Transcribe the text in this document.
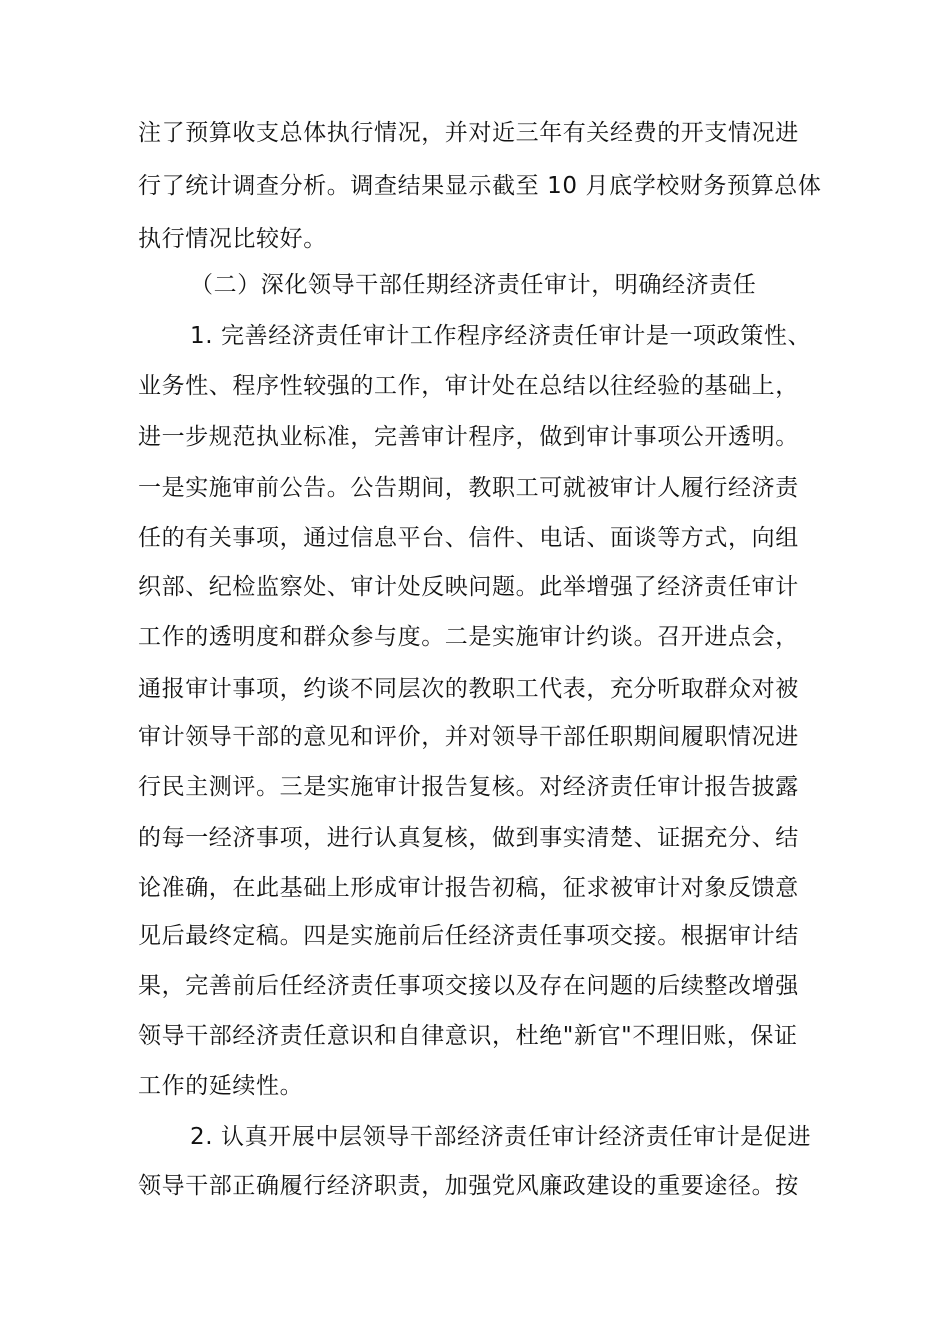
注了预算收支总体执行情况，并对近三年有关经费的开支情况进
行了统计调查分析。调查结果显示截至 10 月底学校财务预算总体
执行情况比较好。
（二）深化领导干部任期经济责任审计，明确经济责任
1. 完善经济责任审计工作程序经济责任审计是一项政策性、
业务性、程序性较强的工作，审计处在总结以往经验的基础上，
进一步规范执业标准，完善审计程序，做到审计事项公开透明。
一是实施审前公告。公告期间，教职工可就被审计人履行经济责
任的有关事项，通过信息平台、信件、电话、面谈等方式，向组
织部、纪检监察处、审计处反映问题。此举增强了经济责任审计
工作的透明度和群众参与度。二是实施审计约谈。召开进点会，
通报审计事项，约谈不同层次的教职工代表，充分听取群众对被
审计领导干部的意见和评价，并对领导干部任职期间履职情况进
行民主测评。三是实施审计报告复核。对经济责任审计报告披露
的每一经济事项，进行认真复核，做到事实清楚、证据充分、结
论准确，在此基础上形成审计报告初稿，征求被审计对象反馈意
见后最终定稿。四是实施前后任经济责任事项交接。根据审计结
果，完善前后任经济责任事项交接以及存在问题的后续整改增强
领导干部经济责任意识和自律意识，杜绝"新官"不理旧账，保证
工作的延续性。
2. 认真开展中层领导干部经济责任审计经济责任审计是促进
领导干部正确履行经济职责，加强党风廉政建设的重要途径。按
